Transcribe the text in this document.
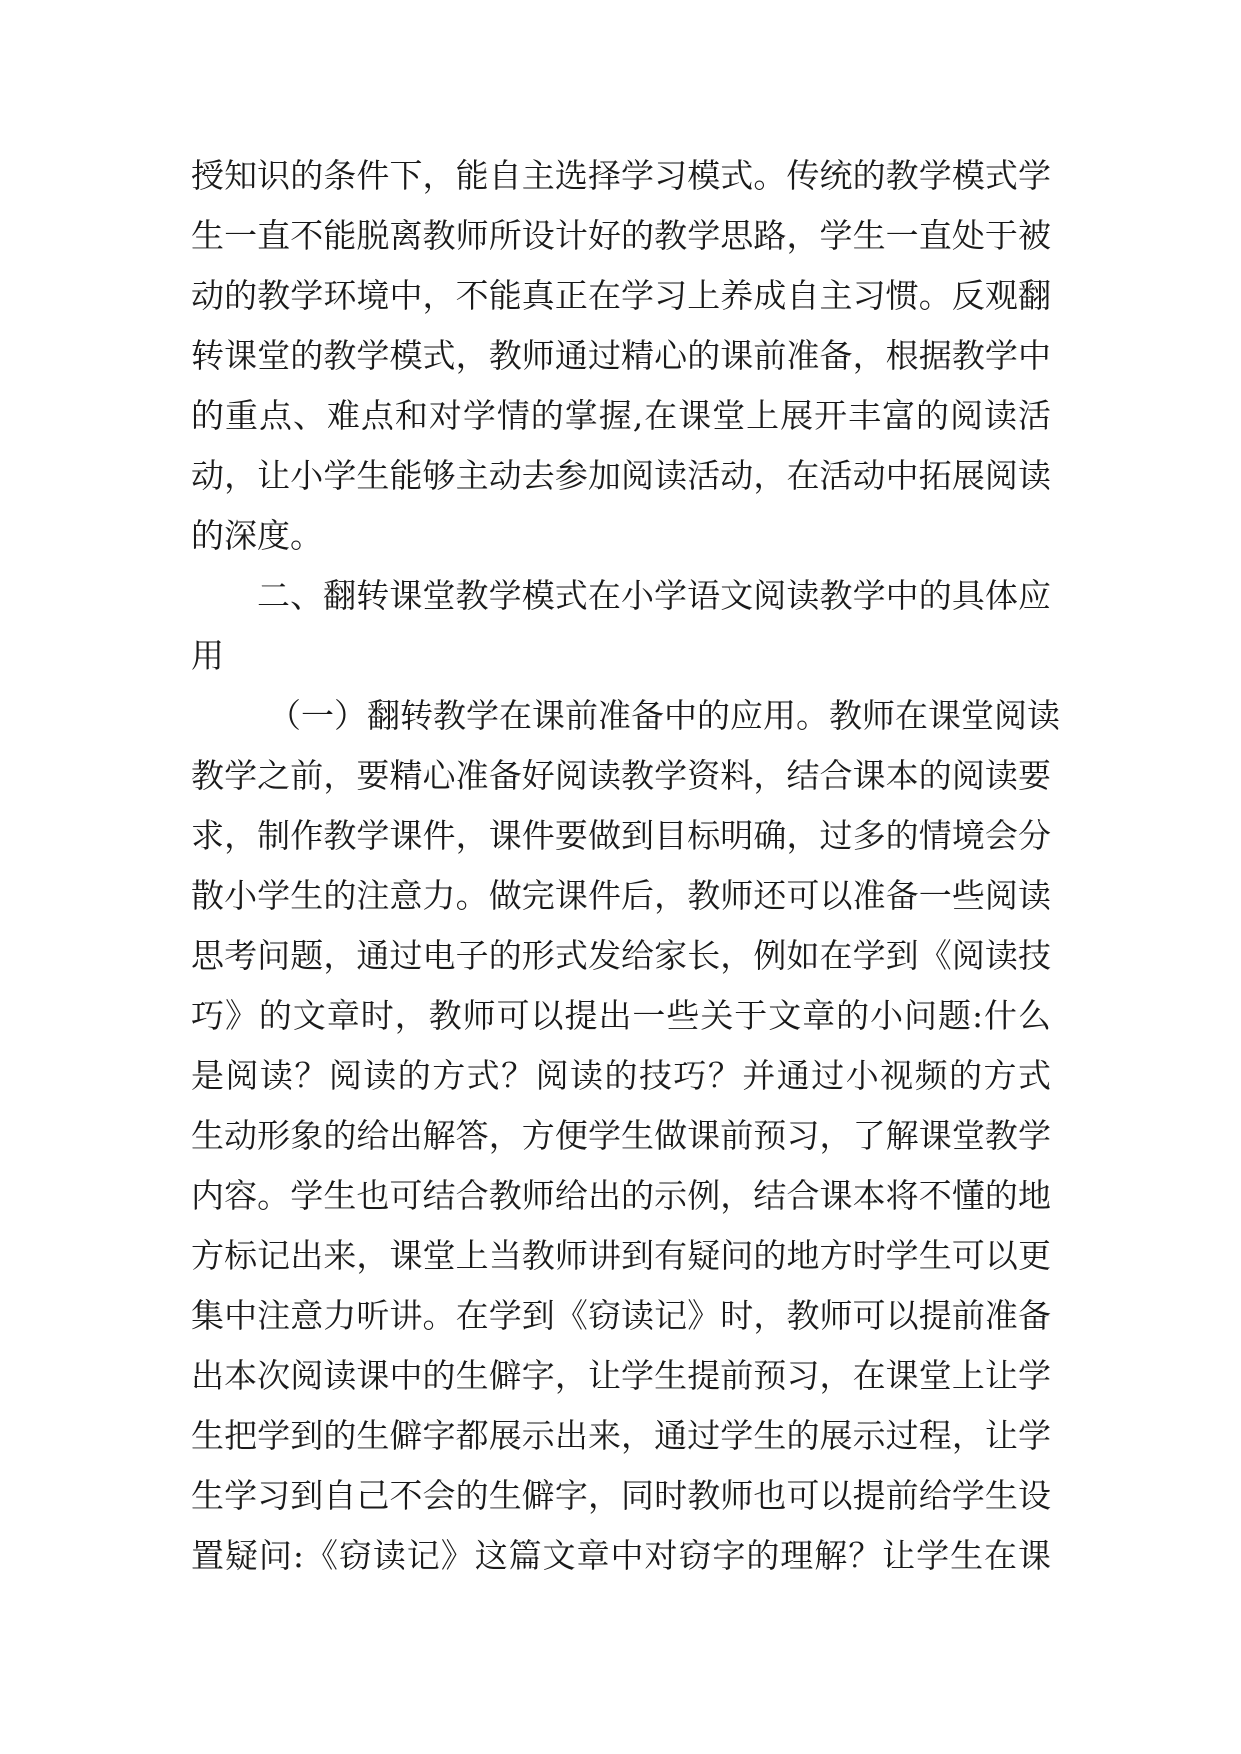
授知识的条件下，能自主选择学习模式。传统的教学模式学
生一直不能脱离教师所设计好的教学思路，学生一直处于被
动的教学环境中，不能真正在学习上养成自主习惯。反观翻
转课堂的教学模式，教师通过精心的课前准备，根据教学中
的重点、难点和对学情的掌握,在课堂上展开丰富的阅读活
动，让小学生能够主动去参加阅读活动，在活动中拓展阅读
的深度。
二、翻转课堂教学模式在小学语文阅读教学中的具体应
用
（一）翻转教学在课前准备中的应用。教师在课堂阅读
教学之前，要精心准备好阅读教学资料，结合课本的阅读要
求，制作教学课件，课件要做到目标明确，过多的情境会分
散小学生的注意力。做完课件后，教师还可以准备一些阅读
思考问题，通过电子的形式发给家长，例如在学到《阅读技
巧》的文章时，教师可以提出一些关于文章的小问题:什么
是阅读？阅读的方式？阅读的技巧？并通过小视频的方式
生动形象的给出解答，方便学生做课前预习，了解课堂教学
内容。学生也可结合教师给出的示例，结合课本将不懂的地
方标记出来，课堂上当教师讲到有疑问的地方时学生可以更
集中注意力听讲。在学到《窃读记》时，教师可以提前准备
出本次阅读课中的生僻字，让学生提前预习，在课堂上让学
生把学到的生僻字都展示出来，通过学生的展示过程，让学
生学习到自己不会的生僻字，同时教师也可以提前给学生设
置疑问:《窃读记》这篇文章中对窃字的理解？让学生在课
